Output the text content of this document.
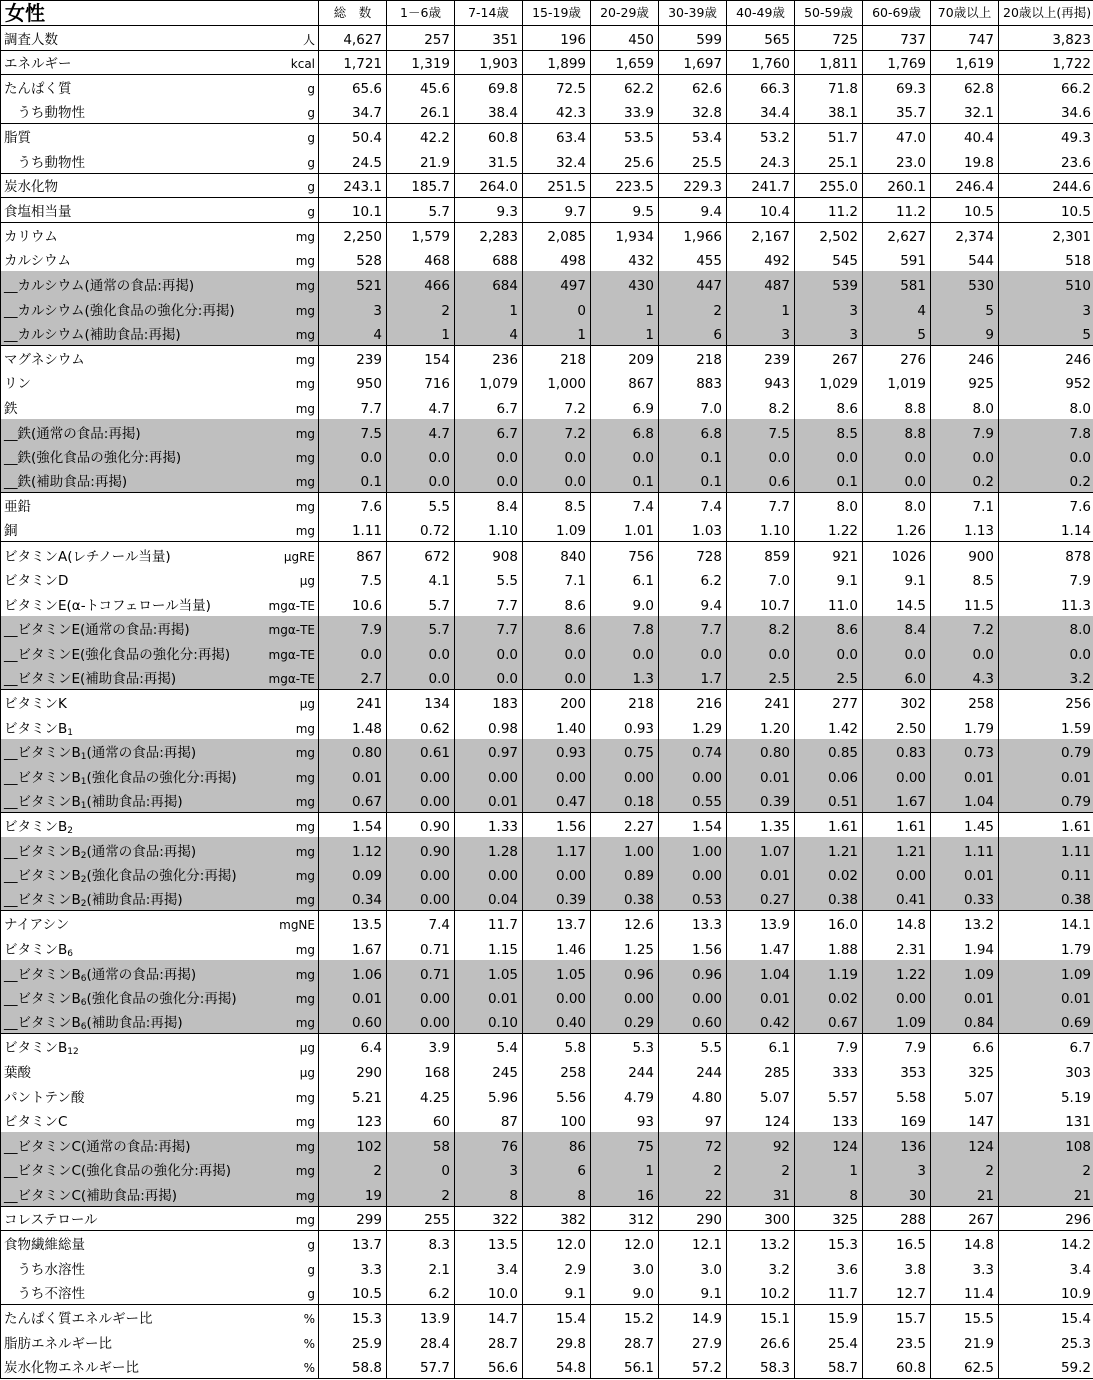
女性	総　数	1－6歳	7-14歳	15-19歳	20-29歳	30-39歳	40-49歳	50-59歳	60-69歳	70歳以上	20歳以上(再掲)

調査人数 人	4,627	257	351	196	450	599	565	725	737	747	3,823

エネルギー kcal	1,721	1,319	1,903	1,899	1,659	1,697	1,760	1,811	1,769	1,619	1,722

たんぱく質 g	65.6	45.6	69.8	72.5	62.2	62.6	66.3	71.8	69.3	62.8	66.2

　うち動物性 g	34.7	26.1	38.4	42.3	33.9	32.8	34.4	38.1	35.7	32.1	34.6

脂質 g	50.4	42.2	60.8	63.4	53.5	53.4	53.2	51.7	47.0	40.4	49.3

　うち動物性 g	24.5	21.9	31.5	32.4	25.6	25.5	24.3	25.1	23.0	19.8	23.6

炭水化物 g	243.1	185.7	264.0	251.5	223.5	229.3	241.7	255.0	260.1	246.4	244.6

食塩相当量 g	10.1	5.7	9.3	9.7	9.5	9.4	10.4	11.2	11.2	10.5	10.5

カリウム mg	2,250	1,579	2,283	2,085	1,934	1,966	2,167	2,502	2,627	2,374	2,301

カルシウム mg	528	468	688	498	432	455	492	545	591	544	518

__カルシウム(通常の食品:再掲) mg	521	466	684	497	430	447	487	539	581	530	510

__カルシウム(強化食品の強化分:再掲) mg	3	2	1	0	1	2	1	3	4	5	3

__カルシウム(補助食品:再掲) mg	4	1	4	1	1	6	3	3	5	9	5

マグネシウム mg	239	154	236	218	209	218	239	267	276	246	246

リン mg	950	716	1,079	1,000	867	883	943	1,029	1,019	925	952

鉄 mg	7.7	4.7	6.7	7.2	6.9	7.0	8.2	8.6	8.8	8.0	8.0

__鉄(通常の食品:再掲) mg	7.5	4.7	6.7	7.2	6.8	6.8	7.5	8.5	8.8	7.9	7.8

__鉄(強化食品の強化分:再掲) mg	0.0	0.0	0.0	0.0	0.0	0.1	0.0	0.0	0.0	0.0	0.0

__鉄(補助食品:再掲) mg	0.1	0.0	0.0	0.0	0.1	0.1	0.6	0.1	0.0	0.2	0.2

亜鉛 mg	7.6	5.5	8.4	8.5	7.4	7.4	7.7	8.0	8.0	7.1	7.6

銅 mg	1.11	0.72	1.10	1.09	1.01	1.03	1.10	1.22	1.26	1.13	1.14

ビタミンA(レチノール当量) μgRE	867	672	908	840	756	728	859	921	1026	900	878

ビタミンD μg	7.5	4.1	5.5	7.1	6.1	6.2	7.0	9.1	9.1	8.5	7.9

ビタミンE(α-トコフェロール当量) mgα-TE	10.6	5.7	7.7	8.6	9.0	9.4	10.7	11.0	14.5	11.5	11.3

__ビタミンE(通常の食品:再掲) mgα-TE	7.9	5.7	7.7	8.6	7.8	7.7	8.2	8.6	8.4	7.2	8.0

__ビタミンE(強化食品の強化分:再掲) mgα-TE	0.0	0.0	0.0	0.0	0.0	0.0	0.0	0.0	0.0	0.0	0.0

__ビタミンE(補助食品:再掲) mgα-TE	2.7	0.0	0.0	0.0	1.3	1.7	2.5	2.5	6.0	4.3	3.2

ビタミンK μg	241	134	183	200	218	216	241	277	302	258	256

ビタミン$B_1$ mg	1.48	0.62	0.98	1.40	0.93	1.29	1.20	1.42	2.50	1.79	1.59

__ビタミン$B_1$(通常の食品:再掲) mg	0.80	0.61	0.97	0.93	0.75	0.74	0.80	0.85	0.83	0.73	0.79

__ビタミン$B_1$(強化食品の強化分:再掲) mg	0.01	0.00	0.00	0.00	0.00	0.00	0.01	0.06	0.00	0.01	0.01

__ビタミン$B_1$(補助食品:再掲) mg	0.67	0.00	0.01	0.47	0.18	0.55	0.39	0.51	1.67	1.04	0.79

ビタミン$B_2$ mg	1.54	0.90	1.33	1.56	2.27	1.54	1.35	1.61	1.61	1.45	1.61

__ビタミン$B_2$(通常の食品:再掲) mg	1.12	0.90	1.28	1.17	1.00	1.00	1.07	1.21	1.21	1.11	1.11

__ビタミン$B_2$(強化食品の強化分:再掲) mg	0.09	0.00	0.00	0.00	0.89	0.00	0.01	0.02	0.00	0.01	0.11

__ビタミン$B_2$(補助食品:再掲) mg	0.34	0.00	0.04	0.39	0.38	0.53	0.27	0.38	0.41	0.33	0.38

ナイアシン mgNE	13.5	7.4	11.7	13.7	12.6	13.3	13.9	16.0	14.8	13.2	14.1

ビタミン$B_6$ mg	1.67	0.71	1.15	1.46	1.25	1.56	1.47	1.88	2.31	1.94	1.79

__ビタミン$B_6$(通常の食品:再掲) mg	1.06	0.71	1.05	1.05	0.96	0.96	1.04	1.19	1.22	1.09	1.09

__ビタミン$B_6$(強化食品の強化分:再掲) mg	0.01	0.00	0.01	0.00	0.00	0.00	0.01	0.02	0.00	0.01	0.01

__ビタミン$B_6$(補助食品:再掲) mg	0.60	0.00	0.10	0.40	0.29	0.60	0.42	0.67	1.09	0.84	0.69

ビタミン$B_{12}$ μg	6.4	3.9	5.4	5.8	5.3	5.5	6.1	7.9	7.9	6.6	6.7

葉酸 μg	290	168	245	258	244	244	285	333	353	325	303

パントテン酸 mg	5.21	4.25	5.96	5.56	4.79	4.80	5.07	5.57	5.58	5.07	5.19

ビタミンC mg	123	60	87	100	93	97	124	133	169	147	131

__ビタミンC(通常の食品:再掲) mg	102	58	76	86	75	72	92	124	136	124	108

__ビタミンC(強化食品の強化分:再掲) mg	2	0	3	6	1	2	2	1	3	2	2

__ビタミンC(補助食品:再掲) mg	19	2	8	8	16	22	31	8	30	21	21

コレステロール mg	299	255	322	382	312	290	300	325	288	267	296

食物繊維総量 g	13.7	8.3	13.5	12.0	12.0	12.1	13.2	15.3	16.5	14.8	14.2

　うち水溶性 g	3.3	2.1	3.4	2.9	3.0	3.0	3.2	3.6	3.8	3.3	3.4

　うち不溶性 g	10.5	6.2	10.0	9.1	9.0	9.1	10.2	11.7	12.7	11.4	10.9

たんぱく質エネルギー比 %	15.3	13.9	14.7	15.4	15.2	14.9	15.1	15.9	15.7	15.5	15.4

脂肪エネルギー比 %	25.9	28.4	28.7	29.8	28.7	27.9	26.6	25.4	23.5	21.9	25.3

炭水化物エネルギー比 %	58.8	57.7	56.6	54.8	56.1	57.2	58.3	58.7	60.8	62.5	59.2
